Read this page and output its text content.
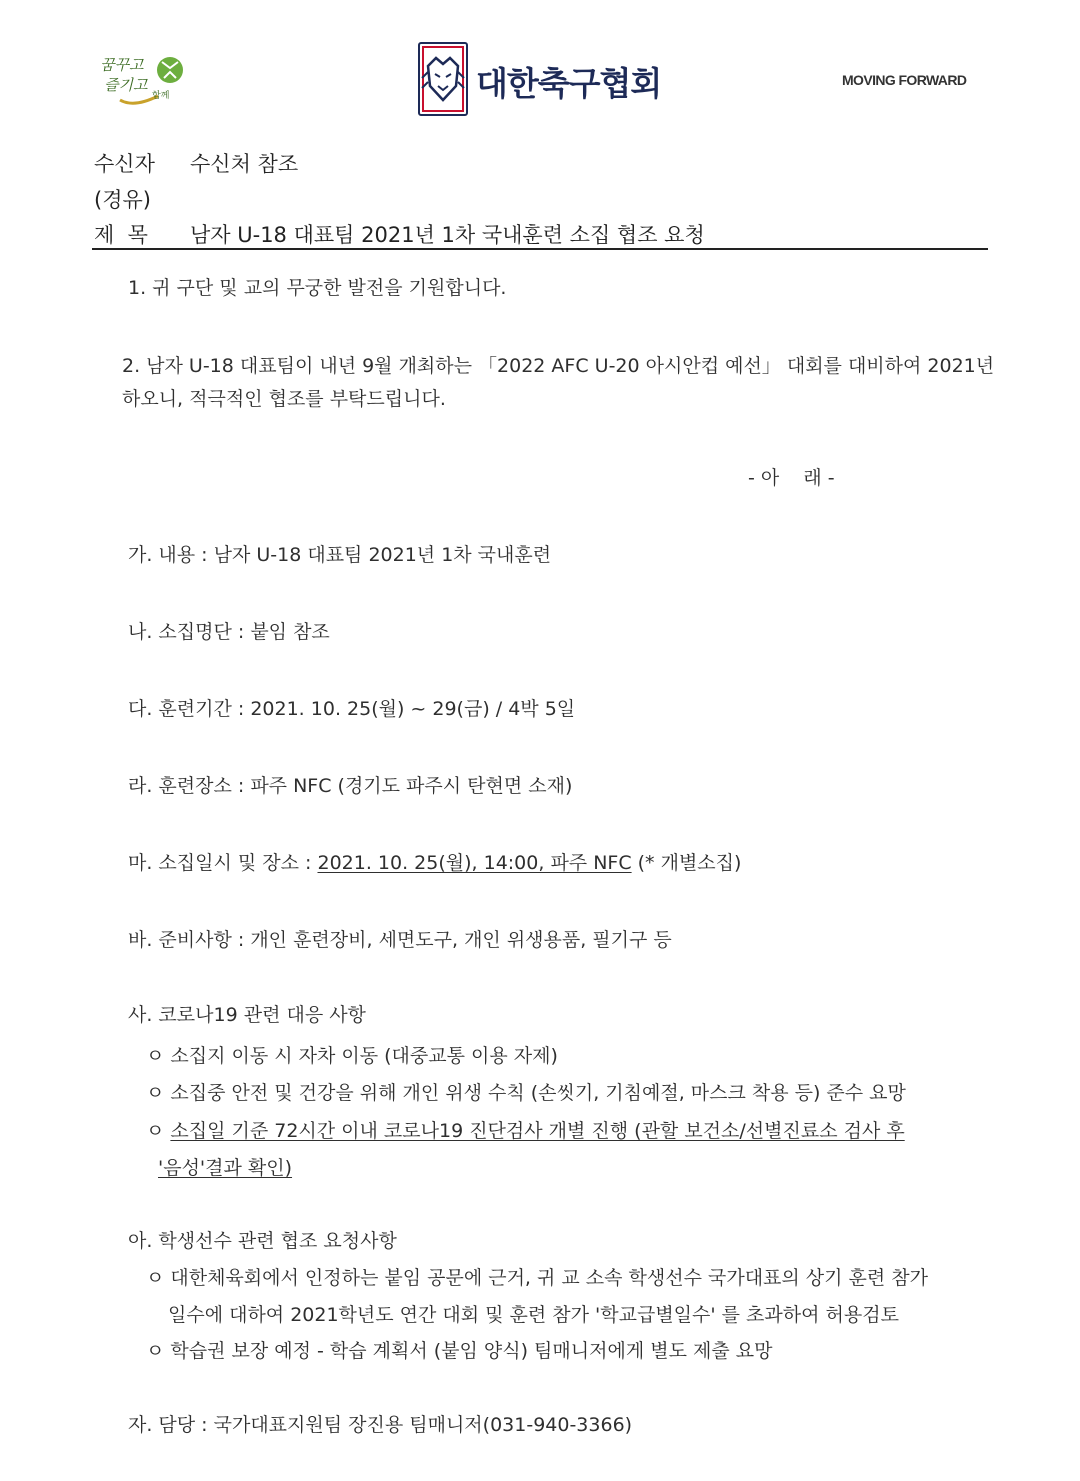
꿈꾸고
즐기고
함께	대한축구협회	MOVING FORWARD
수신자 수신처 참조
(경유)
제  목 남자 U-18 대표팀 2021년 1차 국내훈련 소집 협조 요청
1. 귀 구단 및 교의 무궁한 발전을 기원합니다.
2. 남자 U-18 대표팀이 내년 9월 개최하는 「2022 AFC U-20 아시안컵 예선」 대회를 대비하여 2021년
하오니, 적극적인 협조를 부탁드립니다.
- 아    래 -
가. 내용 : 남자 U-18 대표팀 2021년 1차 국내훈련
나. 소집명단 : 붙임 참조
다. 훈련기간 : 2021. 10. 25(월) ~ 29(금) / 4박 5일
라. 훈련장소 : 파주 NFC (경기도 파주시 탄현면 소재)
마. 소집일시 및 장소 : 2021. 10. 25(월), 14:00, 파주 NFC (* 개별소집)
바. 준비사항 : 개인 훈련장비, 세면도구, 개인 위생용품, 필기구 등
사. 코로나19 관련 대응 사항
ㅇ 소집지 이동 시 자차 이동 (대중교통 이용 자제)
ㅇ 소집중 안전 및 건강을 위해 개인 위생 수칙 (손씻기, 기침예절, 마스크 착용 등) 준수 요망
ㅇ 소집일 기준 72시간 이내 코로나19 진단검사 개별 진행 (관할 보건소/선별진료소 검사 후
'음성'결과 확인)
아. 학생선수 관련 협조 요청사항
ㅇ 대한체육회에서 인정하는 붙임 공문에 근거, 귀 교 소속 학생선수 국가대표의 상기 훈련 참가
일수에 대하여 2021학년도 연간 대회 및 훈련 참가 '학교급별일수' 를 초과하여 허용검토
ㅇ 학습권 보장 예정 - 학습 계획서 (붙임 양식) 팀매니저에게 별도 제출 요망
자. 담당 : 국가대표지원팀 장진용 팀매니저(031-940-3366)
